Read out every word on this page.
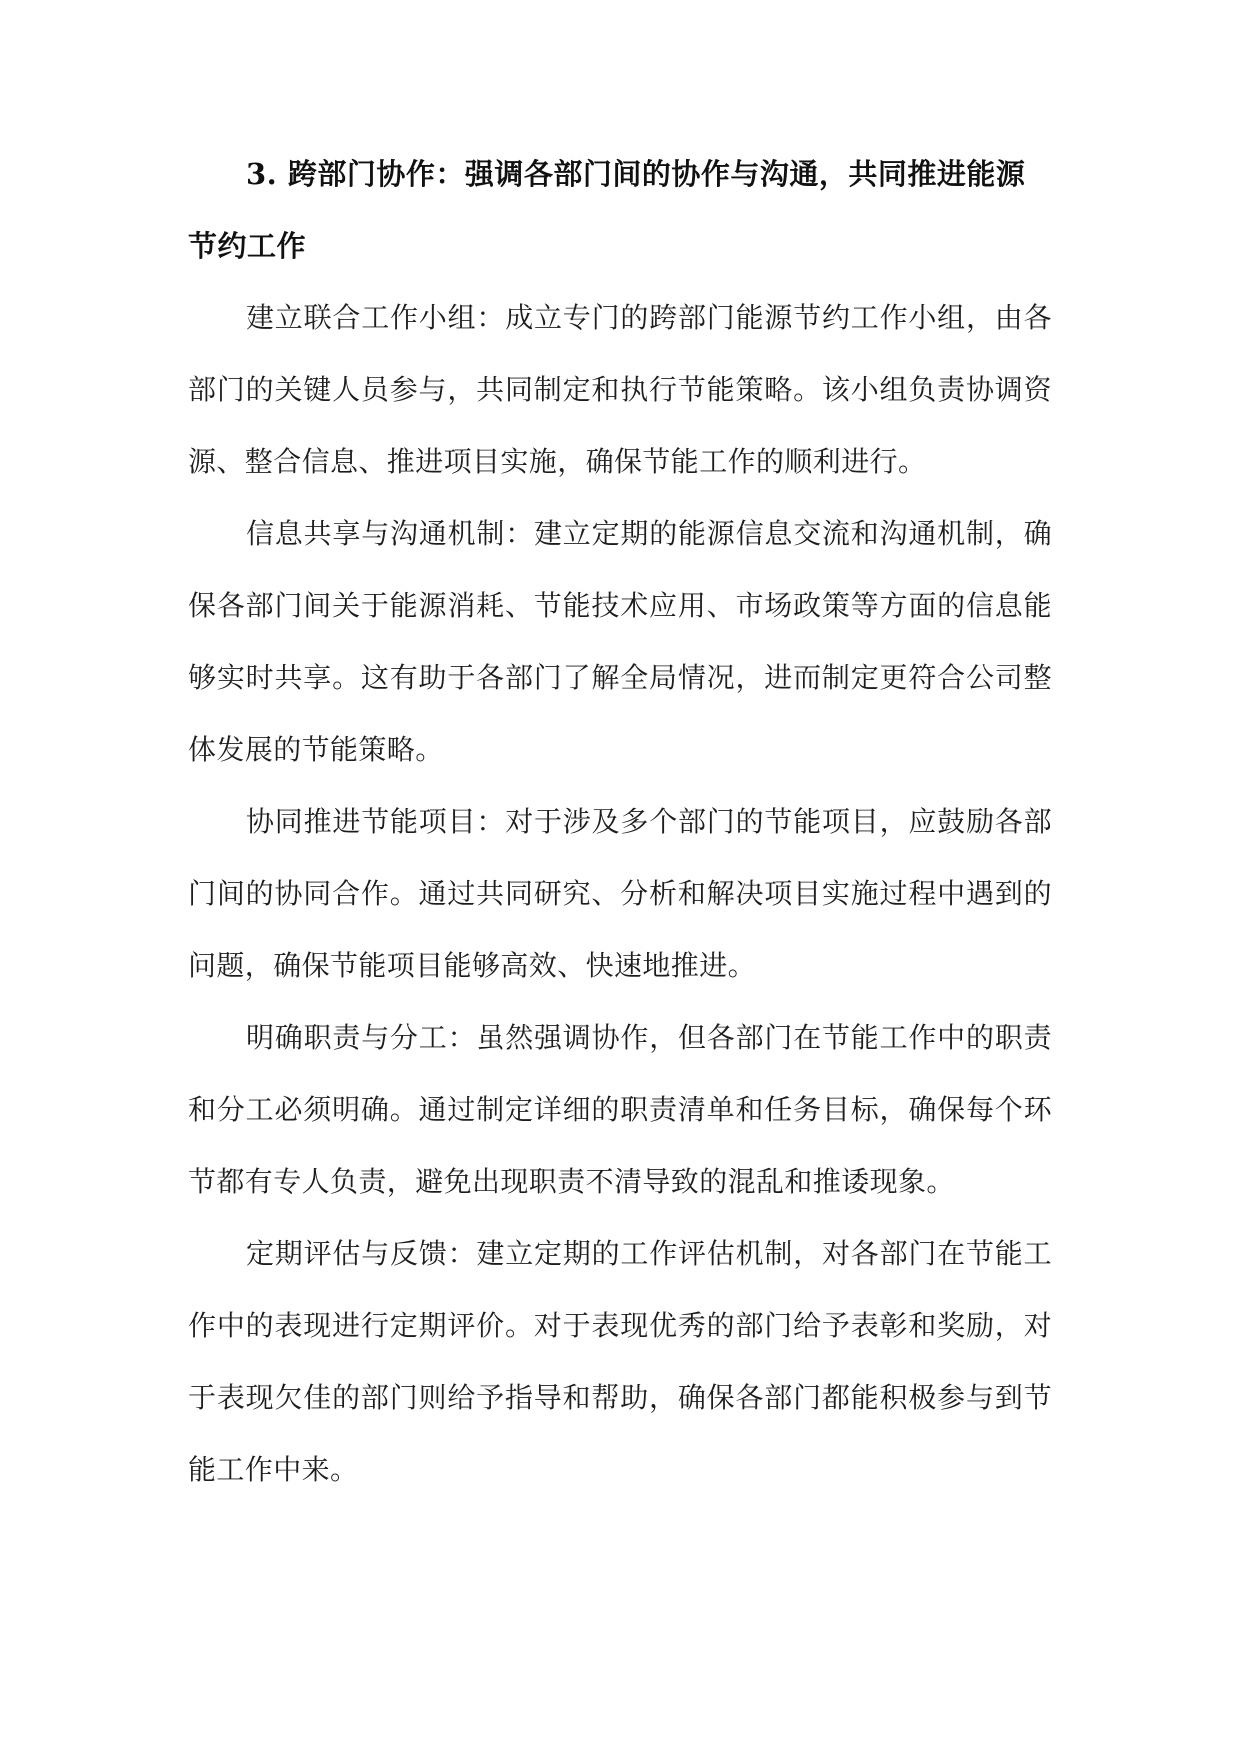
3. 跨部门协作：强调各部门间的协作与沟通，共同推进能源节约工作

建立联合工作小组：成立专门的跨部门能源节约工作小组，由各部门的关键人员参与，共同制定和执行节能策略。该小组负责协调资源、整合信息、推进项目实施，确保节能工作的顺利进行。

信息共享与沟通机制：建立定期的能源信息交流和沟通机制，确保各部门间关于能源消耗、节能技术应用、市场政策等方面的信息能够实时共享。这有助于各部门了解全局情况，进而制定更符合公司整体发展的节能策略。

协同推进节能项目：对于涉及多个部门的节能项目，应鼓励各部门间的协同合作。通过共同研究、分析和解决项目实施过程中遇到的问题，确保节能项目能够高效、快速地推进。

明确职责与分工：虽然强调协作，但各部门在节能工作中的职责和分工必须明确。通过制定详细的职责清单和任务目标，确保每个环节都有专人负责，避免出现职责不清导致的混乱和推诿现象。

定期评估与反馈：建立定期的工作评估机制，对各部门在节能工作中的表现进行定期评价。对于表现优秀的部门给予表彰和奖励，对于表现欠佳的部门则给予指导和帮助，确保各部门都能积极参与到节能工作中来。
